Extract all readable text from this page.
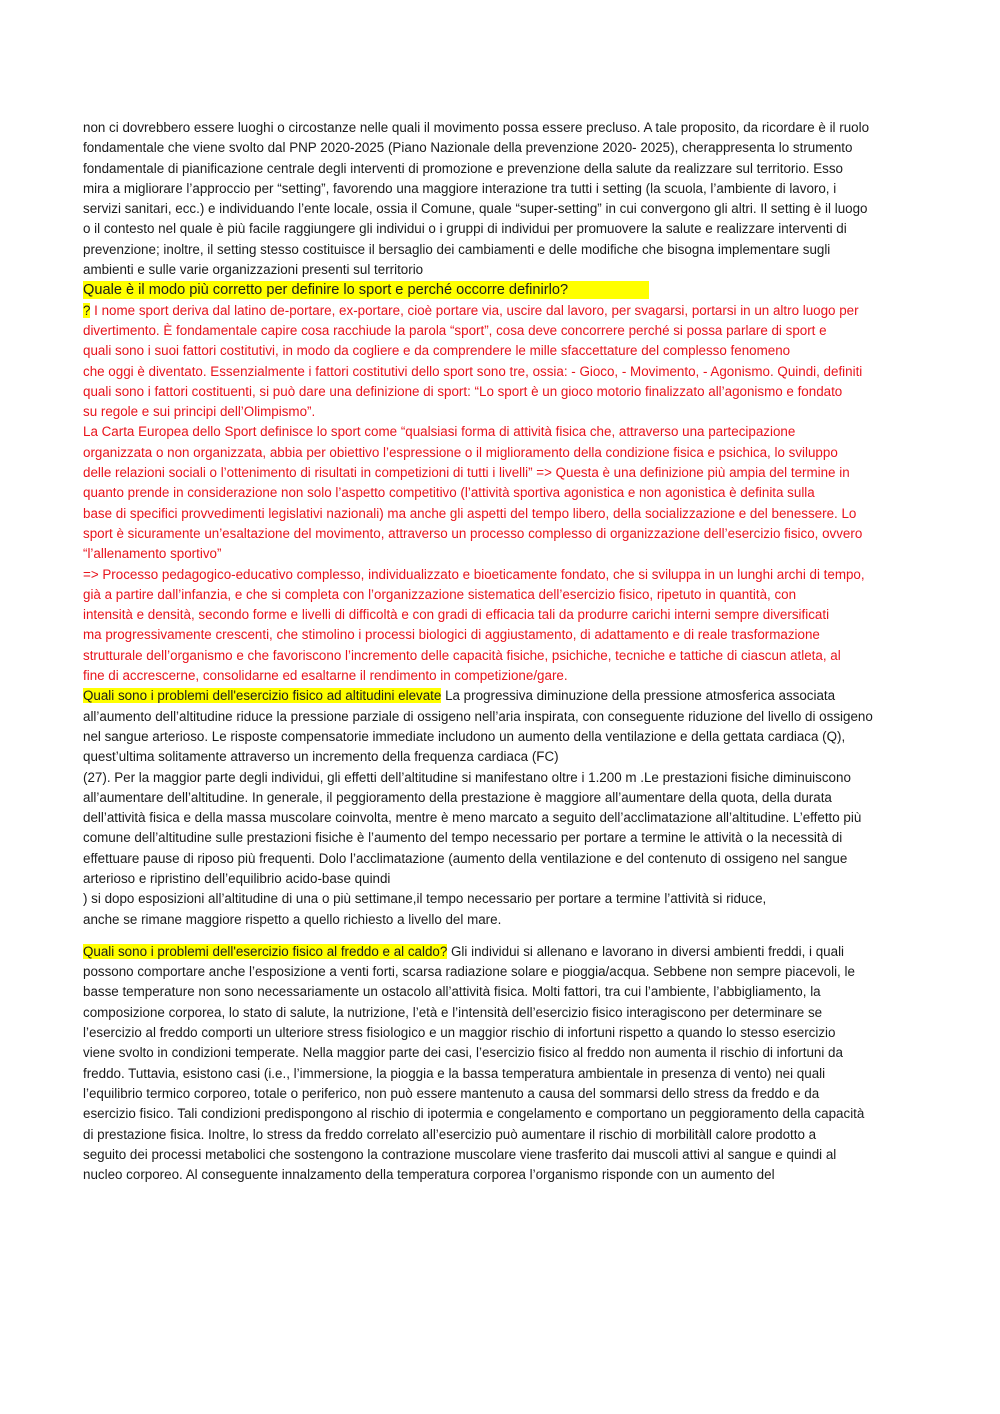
non ci dovrebbero essere luoghi o circostanze nelle quali il movimento possa essere precluso. A tale proposito, da ricordare è il ruolo
fondamentale che viene svolto dal PNP 2020-2025 (Piano Nazionale della prevenzione 2020- 2025), cherappresenta lo strumento
fondamentale di pianificazione centrale degli interventi di promozione e prevenzione della salute da realizzare sul territorio. Esso
mira a migliorare l’approccio per “setting”, favorendo una maggiore interazione tra tutti i setting (la scuola, l’ambiente di lavoro, i
servizi sanitari, ecc.) e individuando l’ente locale, ossia il Comune, quale “super-setting” in cui convergono gli altri. Il setting è il luogo
o il contesto nel quale è più facile raggiungere gli individui o i gruppi di individui per promuovere la salute e realizzare interventi di
prevenzione; inoltre, il setting stesso costituisce il bersaglio dei cambiamenti e delle modifiche che bisogna implementare sugli
ambienti e sulle varie organizzazioni presenti sul territorio
Quale è il modo più corretto per definire lo sport e perché occorre definirlo?
? I nome sport deriva dal latino de-portare, ex-portare, cioè portare via, uscire dal lavoro, per svagarsi, portarsi in un altro luogo per
divertimento. È fondamentale capire cosa racchiude la parola “sport”, cosa deve concorrere perché si possa parlare di sport e
quali sono i suoi fattori costitutivi, in modo da cogliere e da comprendere le mille sfaccettature del complesso fenomeno
che oggi è diventato. Essenzialmente i fattori costitutivi dello sport sono tre, ossia: - Gioco, - Movimento, - Agonismo. Quindi, definiti
quali sono i fattori costituenti, si può dare una definizione di sport: “Lo sport è un gioco motorio finalizzato all’agonismo e fondato
su regole e sui principi dell’Olimpismo”.
La Carta Europea dello Sport definisce lo sport come “qualsiasi forma di attività fisica che, attraverso una partecipazione
organizzata o non organizzata, abbia per obiettivo l’espressione o il miglioramento della condizione fisica e psichica, lo sviluppo
delle relazioni sociali o l’ottenimento di risultati in competizioni di tutti i livelli” => Questa è una definizione più ampia del termine in
quanto prende in considerazione non solo l’aspetto competitivo (l’attività sportiva agonistica e non agonistica è definita sulla
base di specifici provvedimenti legislativi nazionali) ma anche gli aspetti del tempo libero, della socializzazione e del benessere. Lo
sport è sicuramente un’esaltazione del movimento, attraverso un processo complesso di organizzazione dell’esercizio fisico, ovvero
“l’allenamento sportivo”
=> Processo pedagogico-educativo complesso, individualizzato e bioeticamente fondato, che si sviluppa in un lunghi archi di tempo,
già a partire dall’infanzia, e che si completa con l’organizzazione sistematica dell’esercizio fisico, ripetuto in quantità, con
intensità e densità, secondo forme e livelli di difficoltà e con gradi di efficacia tali da produrre carichi interni sempre diversificati
ma progressivamente crescenti, che stimolino i processi biologici di aggiustamento, di adattamento e di reale trasformazione
strutturale dell’organismo e che favoriscono l’incremento delle capacità fisiche, psichiche, tecniche e tattiche di ciascun atleta, al
fine di accrescerne, consolidarne ed esaltarne il rendimento in competizione/gare.
Quali sono i problemi dell'esercizio fisico ad altitudini elevate La progressiva diminuzione della pressione atmosferica associata
all’aumento dell’altitudine riduce la pressione parziale di ossigeno nell’aria inspirata, con conseguente riduzione del livello di ossigeno
nel sangue arterioso. Le risposte compensatorie immediate includono un aumento della ventilazione e della gettata cardiaca (Q),
quest’ultima solitamente attraverso un incremento della frequenza cardiaca (FC)
(27). Per la maggior parte degli individui, gli effetti dell’altitudine si manifestano oltre i 1.200 m .Le prestazioni fisiche diminuiscono
all’aumentare dell’altitudine. In generale, il peggioramento della prestazione è maggiore all’aumentare della quota, della durata
dell’attività fisica e della massa muscolare coinvolta, mentre è meno marcato a seguito dell’acclimatazione all’altitudine. L’effetto più
comune dell’altitudine sulle prestazioni fisiche è l’aumento del tempo necessario per portare a termine le attività o la necessità di
effettuare pause di riposo più frequenti. Dolo l’acclimatazione (aumento della ventilazione e del contenuto di ossigeno nel sangue
arterioso e ripristino dell’equilibrio acido-base quindi
) si dopo esposizioni all’altitudine di una o più settimane,il tempo necessario per portare a termine l’attività si riduce,
anche se rimane maggiore rispetto a quello richiesto a livello del mare.
Quali sono i problemi dell'esercizio fisico al freddo e al caldo? Gli individui si allenano e lavorano in diversi ambienti freddi, i quali
possono comportare anche l’esposizione a venti forti, scarsa radiazione solare e pioggia/acqua. Sebbene non sempre piacevoli, le
basse temperature non sono necessariamente un ostacolo all’attività fisica. Molti fattori, tra cui l’ambiente, l’abbigliamento, la
composizione corporea, lo stato di salute, la nutrizione, l’età e l’intensità dell’esercizio fisico interagiscono per determinare se
l’esercizio al freddo comporti un ulteriore stress fisiologico e un maggior rischio di infortuni rispetto a quando lo stesso esercizio
viene svolto in condizioni temperate. Nella maggior parte dei casi, l’esercizio fisico al freddo non aumenta il rischio di infortuni da
freddo. Tuttavia, esistono casi (i.e., l’immersione, la pioggia e la bassa temperatura ambientale in presenza di vento) nei quali
l’equilibrio termico corporeo, totale o periferico, non può essere mantenuto a causa del sommarsi dello stress da freddo e da
esercizio fisico. Tali condizioni predispongono al rischio di ipotermia e congelamento e comportano un peggioramento della capacità
di prestazione fisica. Inoltre, lo stress da freddo correlato all’esercizio può aumentare il rischio di morbilitàll calore prodotto a
seguito dei processi metabolici che sostengono la contrazione muscolare viene trasferito dai muscoli attivi al sangue e quindi al
nucleo corporeo. Al conseguente innalzamento della temperatura corporea l’organismo risponde con un aumento del
